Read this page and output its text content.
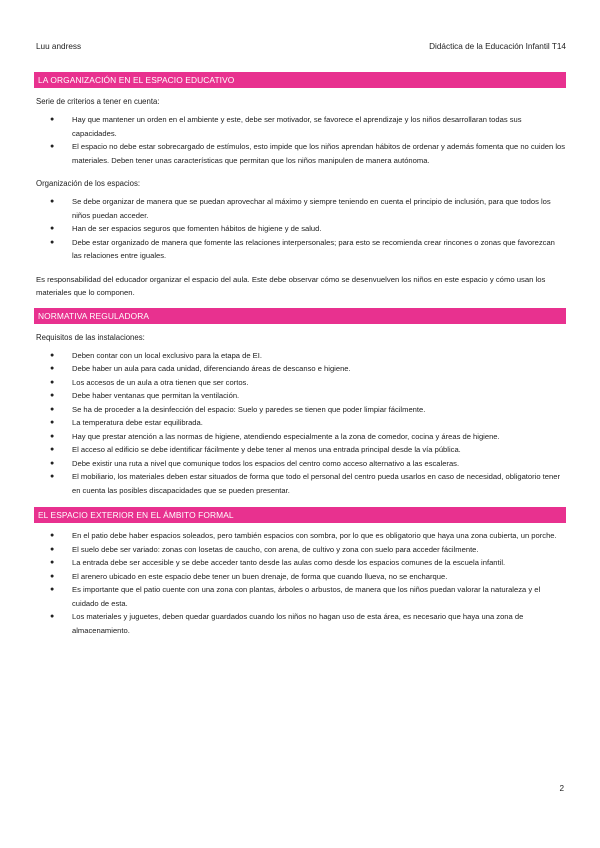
Luu andress	Didáctica de la Educación Infantil T14
LA ORGANIZACIÓN EN EL ESPACIO EDUCATIVO
Serie de criterios a tener en cuenta:
● Hay que mantener un orden en el ambiente y este, debe ser motivador, se favorece el aprendizaje y los niños desarrollaran todas sus capacidades.
● El espacio no debe estar sobrecargado de estímulos, esto impide que los niños aprendan hábitos de ordenar y además fomenta que no cuiden los materiales. Deben tener unas características que permitan que los niños manipulen de manera autónoma.
Organización de los espacios:
● Se debe organizar de manera que se puedan aprovechar al máximo y siempre teniendo en cuenta el principio de inclusión, para que todos los niños puedan acceder.
● Han de ser espacios seguros que fomenten hábitos de higiene y de salud.
● Debe estar organizado de manera que fomente las relaciones interpersonales; para esto se recomienda crear rincones o zonas que favorezcan las relaciones entre iguales.
Es responsabilidad del educador organizar el espacio del aula. Este debe observar cómo se desenvuelven los niños en este espacio y cómo usan los materiales que lo componen.
NORMATIVA REGULADORA
Requisitos de las instalaciones:
● Deben contar con un local exclusivo para la etapa de EI.
● Debe haber un aula para cada unidad, diferenciando áreas de descanso e higiene.
● Los accesos de un aula a otra tienen que ser cortos.
● Debe haber ventanas que permitan la ventilación.
● Se ha de proceder a la desinfección del espacio: Suelo y paredes se tienen que poder limpiar fácilmente.
● La temperatura debe estar equilibrada.
● Hay que prestar atención a las normas de higiene, atendiendo especialmente a la zona de comedor, cocina y áreas de higiene.
● El acceso al edificio se debe identificar fácilmente y debe tener al menos una entrada principal desde la vía pública.
● Debe existir una ruta a nivel que comunique todos los espacios del centro como acceso alternativo a las escaleras.
● El mobiliario, los materiales deben estar situados de forma que todo el personal del centro pueda usarlos en caso de necesidad, obligatorio tener en cuenta las posibles discapacidades que se pueden presentar.
EL ESPACIO EXTERIOR EN EL ÁMBITO FORMAL
● En el patio debe haber espacios soleados, pero también espacios con sombra, por lo que es obligatorio que haya una zona cubierta, un porche.
● El suelo debe ser variado: zonas con losetas de caucho, con arena, de cultivo y zona con suelo para acceder fácilmente.
● La entrada debe ser accesible y se debe acceder tanto desde las aulas como desde los espacios comunes de la escuela infantil.
● El arenero ubicado en este espacio debe tener un buen drenaje, de forma que cuando llueva, no se encharque.
● Es importante que el patio cuente con una zona con plantas, árboles o arbustos, de manera que los niños puedan valorar la naturaleza y el cuidado de esta.
● Los materiales y juguetes, deben quedar guardados cuando los niños no hagan uso de esta área, es necesario que haya una zona de almacenamiento.
2
